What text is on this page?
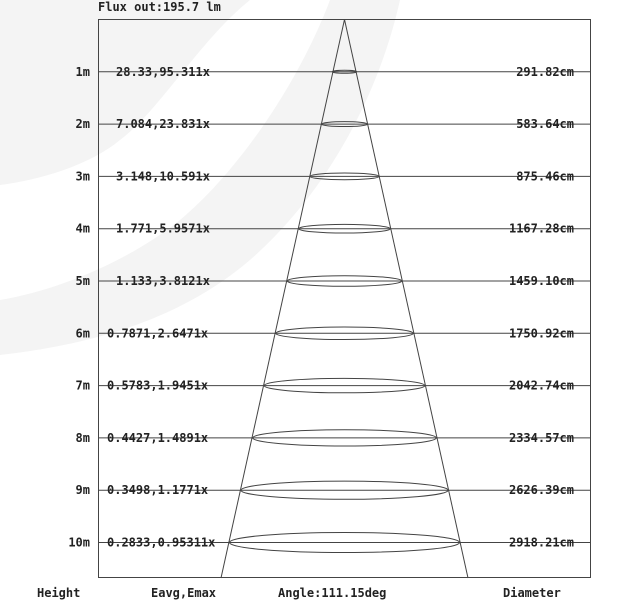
Flux out:195.7 lm
1m 28.33,95.311x	291.82cm
2m 7.084,23.831x	583.64cm
3m 3.148,10.591x	875.46cm
4m 1.771,5.9571x	1167.28cm
5m 1.133,3.8121x	1459.10cm
6m 0.7871,2.6471x	1750.92cm
7m 0.5783,1.9451x	2042.74cm
8m 0.4427,1.4891x	2334.57cm
9m 0.3498,1.1771x	2626.39cm
10m 0.2833,0.95311x	2918.21cm
Height	Eavg,Emax	Angle:111.15deg	Diameter
